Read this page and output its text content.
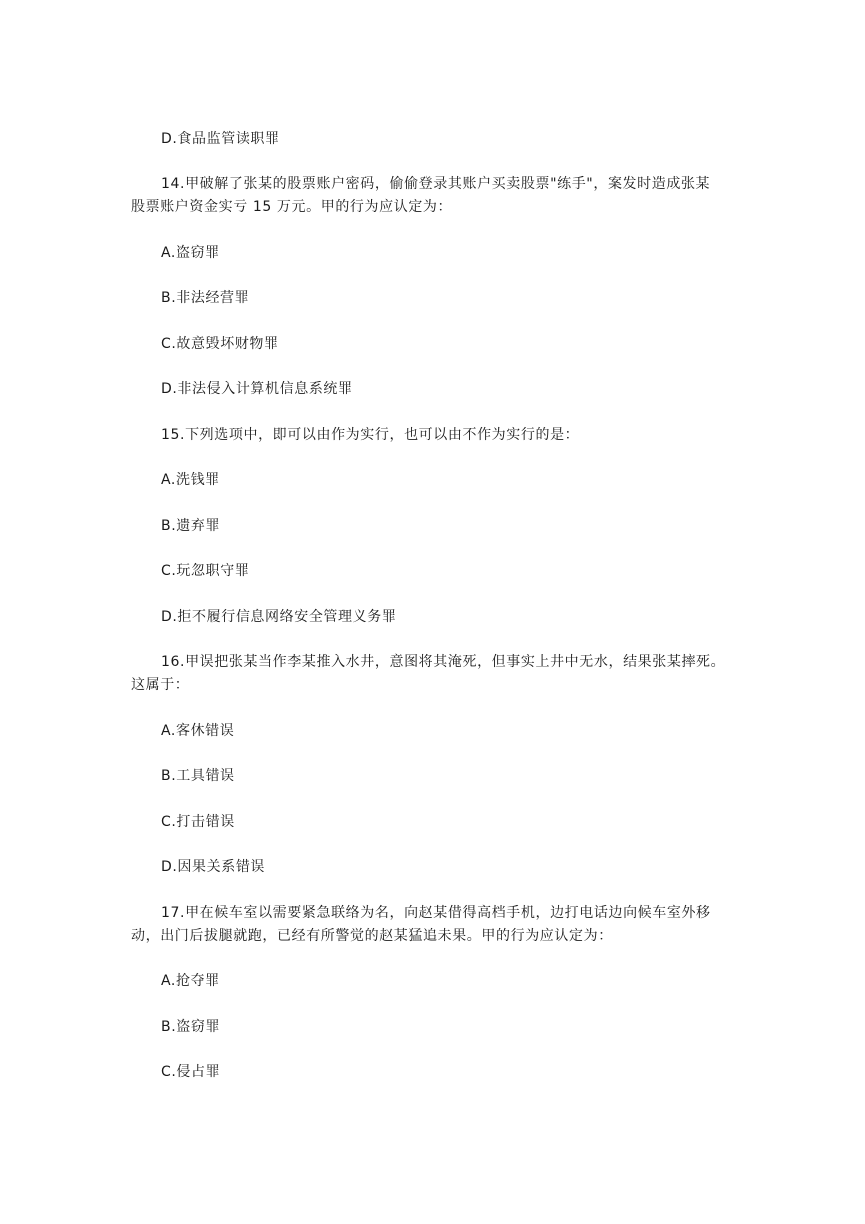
D.食品监管读职罪
14.甲破解了张某的股票账户密码，偷偷登录其账户买卖股票"练手"，案发时造成张某
股票账户资金实亏 15 万元。甲的行为应认定为：
A.盗窃罪
B.非法经营罪
C.故意毁坏财物罪
D.非法侵入计算机信息系统罪
15.下列选项中，即可以由作为实行，也可以由不作为实行的是：
A.洗钱罪
B.遗弃罪
C.玩忽职守罪
D.拒不履行信息网络安全管理义务罪
16.甲误把张某当作李某推入水井，意图将其淹死，但事实上井中无水，结果张某摔死。
这属于：
A.客休错误
B.工具错误
C.打击错误
D.因果关系错误
17.甲在候车室以需要紧急联络为名，向赵某借得高档手机，边打电话边向候车室外移
动，出门后拔腿就跑，已经有所警觉的赵某猛追未果。甲的行为应认定为：
A.抢夺罪
B.盗窃罪
C.侵占罪
